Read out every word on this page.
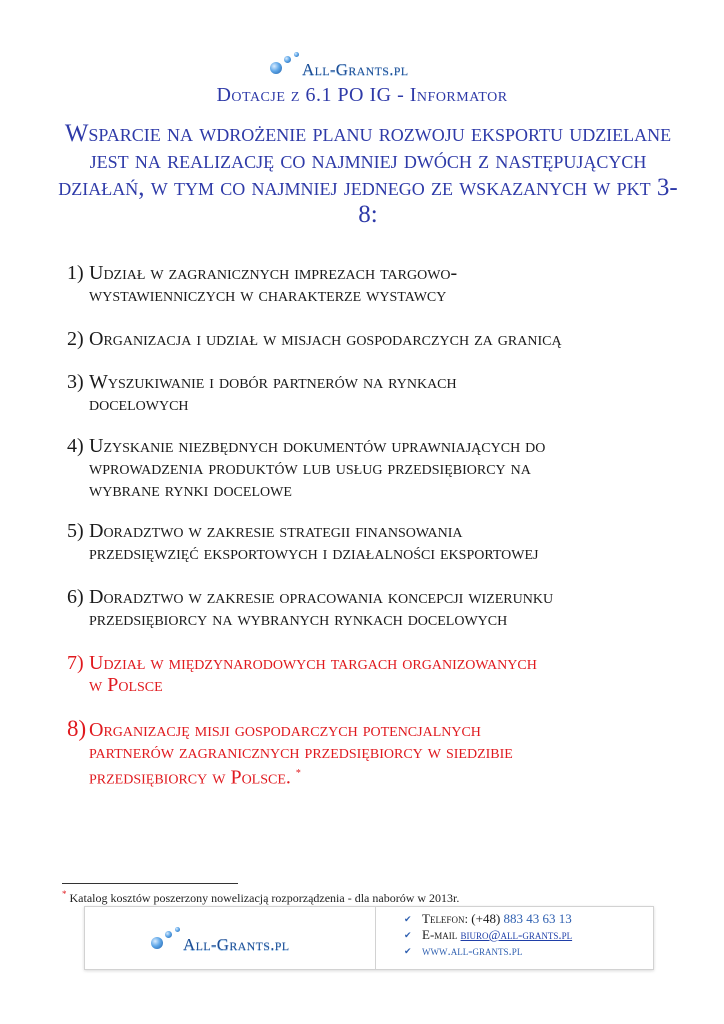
All-Grants.pl
Dotacje z 6.1 PO IG - Informator
Wsparcie na wdrożenie planu rozwoju eksportu udzielane jest na realizację co najmniej dwóch z następujących działań, w tym co najmniej jednego ze wskazanych w pkt 3-8:
1) Udział w zagranicznych imprezach targowo-
wystawienniczych w charakterze wystawcy
2) Organizacja i udział w misjach gospodarczych za granicą
3) Wyszukiwanie i dobór partnerów na rynkach
docelowych
4) Uzyskanie niezbędnych dokumentów uprawniających do
wprowadzenia produktów lub usług przedsiębiorcy na
wybrane rynki docelowe
5) Doradztwo w zakresie strategii finansowania
przedsięwzięć eksportowych i działalności eksportowej
6) Doradztwo w zakresie opracowania koncepcji wizerunku
przedsiębiorcy na wybranych rynkach docelowych
7) Udział w międzynarodowych targach organizowanych
w Polsce
8) Organizację misji gospodarczych potencjalnych
partnerów zagranicznych przedsiębiorcy w siedzibie
przedsiębiorcy w Polsce. *
* Katalog kosztów poszerzony nowelizacją rozporządzenia - dla naborów w 2013r.
All-Grants.pl
✔ Telefon: (+48)
883 43 63 13
✔ E-mail
biuro@all-grants.pl
✔ www.all-grants.pl
